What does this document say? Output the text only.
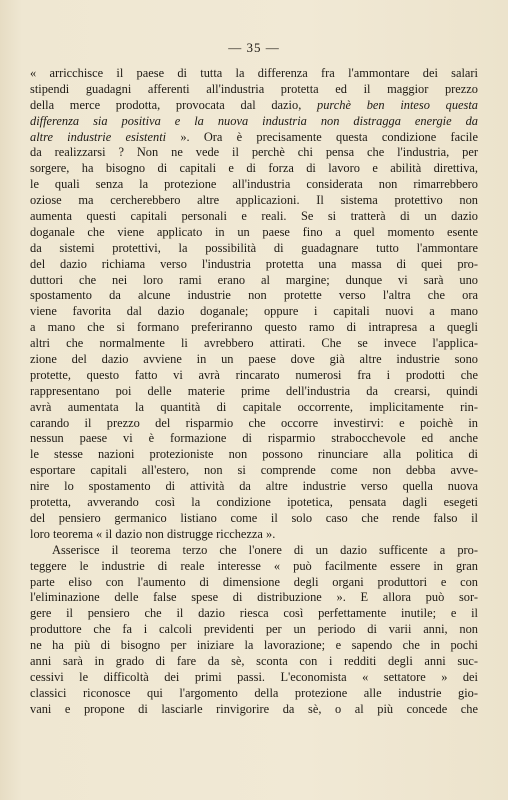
— 35 —
« arricchisce il paese di tutta la differenza fra l'ammontare dei salari
stipendi guadagni afferenti all'industria protetta ed il maggior prezzo
della merce prodotta, provocata dal dazio, purchè ben inteso questa
differenza sia positiva e la nuova industria non distragga energie da
altre industrie esistenti ». Ora è precisamente questa condizione facile
da realizzarsi ? Non ne vede il perchè chi pensa che l'industria, per
sorgere, ha bisogno di capitali e di forza di lavoro e abilità direttiva,
le quali senza la protezione all'industria considerata non rimarrebbero
oziose ma cercherebbero altre applicazioni. Il sistema protettivo non
aumenta questi capitali personali e reali. Se si tratterà di un dazio
doganale che viene applicato in un paese fino a quel momento esente
da sistemi protettivi, la possibilità di guadagnare tutto l'ammontare
del dazio richiama verso l'industria protetta una massa di quei pro-
duttori che nei loro rami erano al margine; dunque vi sarà uno
spostamento da alcune industrie non protette verso l'altra che ora
viene favorita dal dazio doganale; oppure i capitali nuovi a mano
a mano che si formano preferiranno questo ramo di intrapresa a quegli
altri che normalmente li avrebbero attirati. Che se invece l'applica-
zione del dazio avviene in un paese dove già altre industrie sono
protette, questo fatto vi avrà rincarato numerosi fra i prodotti che
rappresentano poi delle materie prime dell'industria da crearsi, quindi
avrà aumentata la quantità di capitale occorrente, implicitamente rin-
carando il prezzo del risparmio che occorre investirvi: e poichè in
nessun paese vi è formazione di risparmio strabocchevole ed anche
le stesse nazioni protezioniste non possono rinunciare alla politica di
esportare capitali all'estero, non si comprende come non debba avve-
nire lo spostamento di attività da altre industrie verso quella nuova
protetta, avverando così la condizione ipotetica, pensata dagli esegeti
del pensiero germanico listiano come il solo caso che rende falso il
loro teorema « il dazio non distrugge ricchezza ».
Asserisce il teorema terzo che l'onere di un dazio sufficente a pro-
teggere le industrie di reale interesse « può facilmente essere in gran
parte eliso con l'aumento di dimensione degli organi produttori e con
l'eliminazione delle false spese di distribuzione ». E allora può sor-
gere il pensiero che il dazio riesca così perfettamente inutile; e il
produttore che fa i calcoli previdenti per un periodo di varii anni, non
ne ha più di bisogno per iniziare la lavorazione; e sapendo che in pochi
anni sarà in grado di fare da sè, sconta con i redditi degli anni suc-
cessivi le difficoltà dei primi passi. L'economista « settatore » dei
classici riconosce qui l'argomento della protezione alle industrie gio-
vani e propone di lasciarle rinvigorire da sè, o al più concede che
